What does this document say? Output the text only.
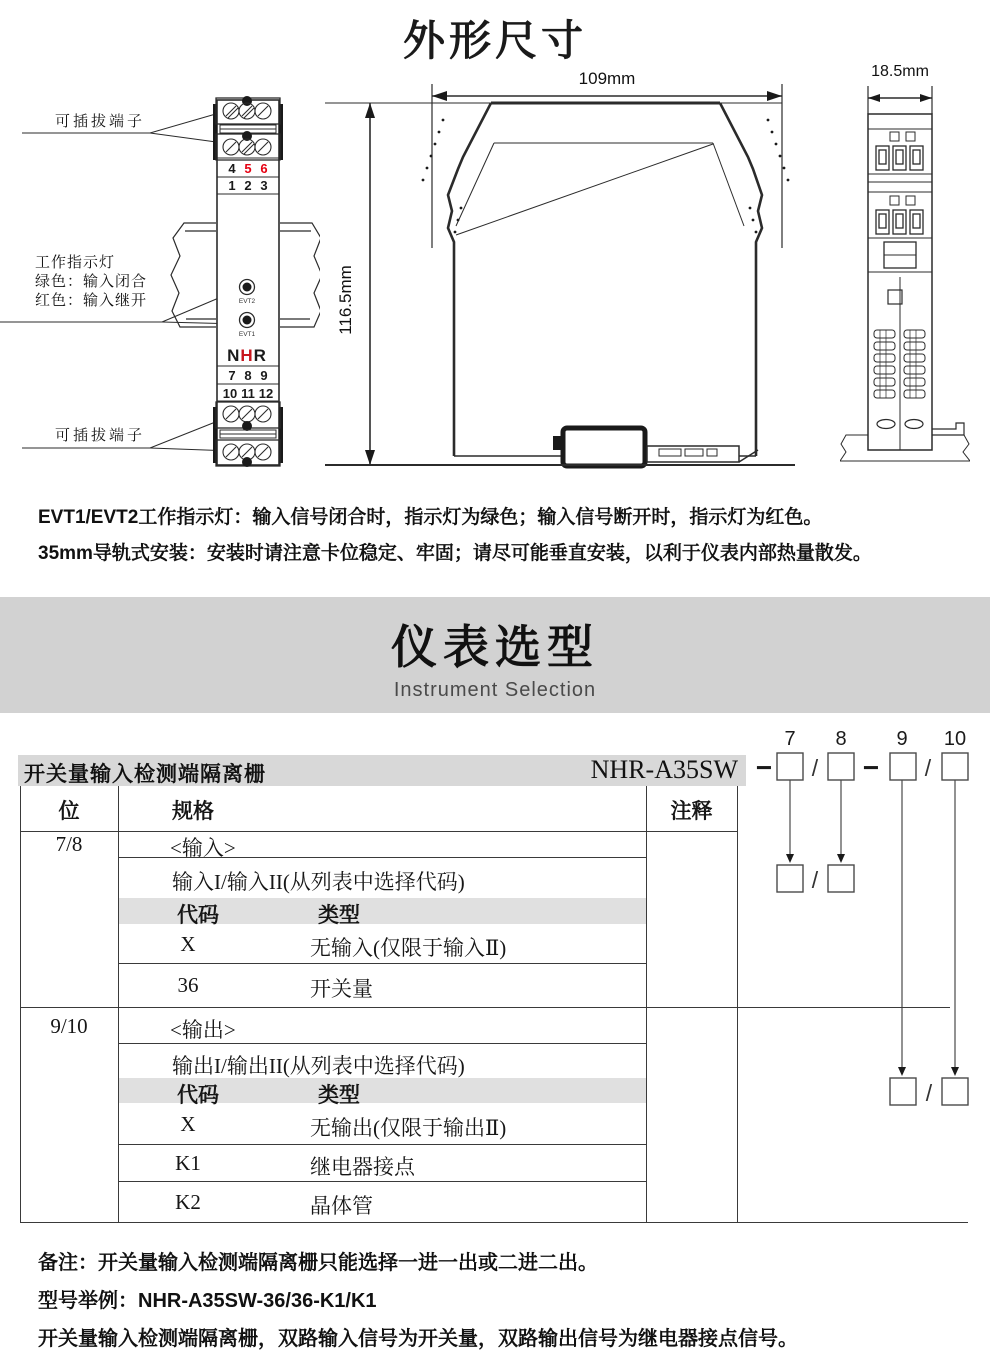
外形尺寸
可插拔端子
工作指示灯
绿色：输入闭合
红色：输入继开
可插拔端子
4 5 6
1 2 3
EVT2
EVT1
NHR
7 8 9
10 11 12
109mm
116.5mm
18.5mm
EVT1/EVT2工作指示灯：输入信号闭合时，指示灯为绿色；输入信号断开时，指示灯为红色。
35mm导轨式安装：安装时请注意卡位稳定、牢固；请尽可能垂直安装，以利于仪表内部热量散发。
仪表选型
Instrument Selection
开关量输入检测端隔离栅	NHR-A35SW
7 8 9 10
−	−
/	/
/
/
位	规格	注释
7/8	<输入>
输入I/输入II(从列表中选择代码)
代码	类型
X	无输入(仅限于输入Ⅱ)
36	开关量
9/10	<输出>
输出I/输出II(从列表中选择代码)
代码	类型
X	无输出(仅限于输出Ⅱ)
K1	继电器接点
K2	晶体管
备注：开关量输入检测端隔离栅只能选择一进一出或二进二出。
型号举例：NHR-A35SW-36/36-K1/K1
开关量输入检测端隔离栅，双路输入信号为开关量，双路输出信号为继电器接点信号。
